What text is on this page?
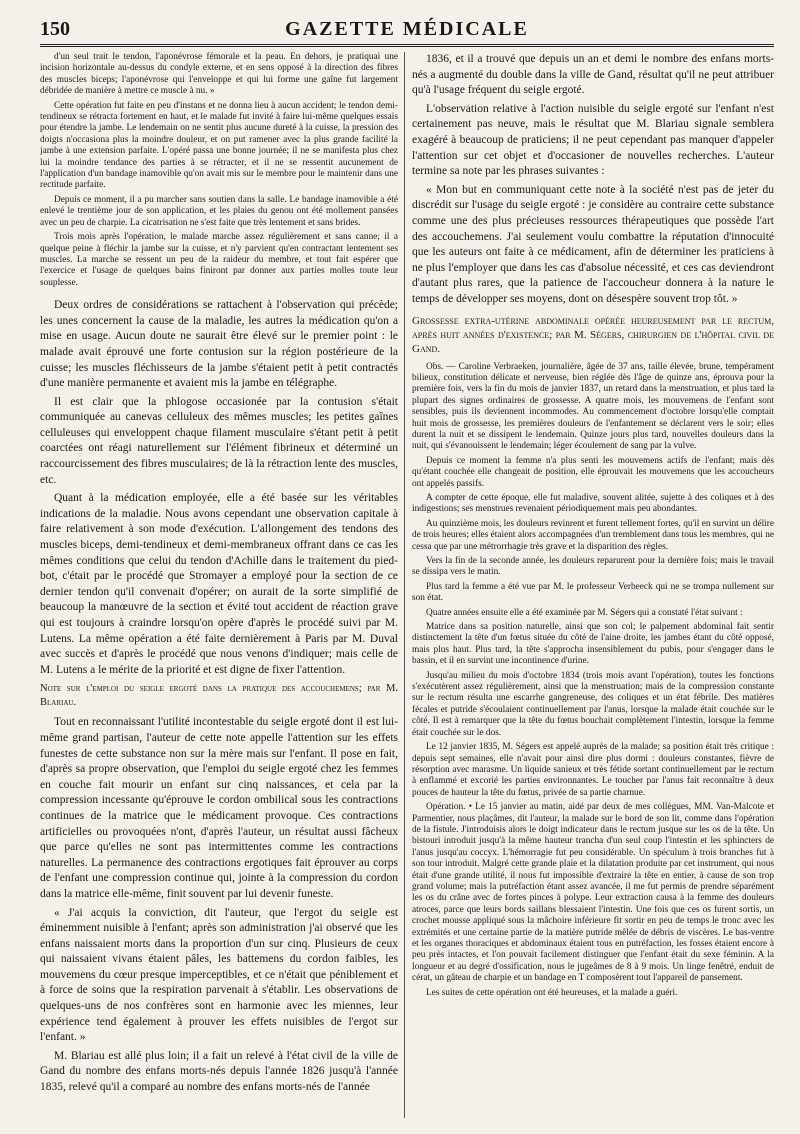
GAZETTE MÉDICALE
150

d'un seul trait le tendon, l'aponévrose fémorale et la peau. En dehors, je pratiquai une incision horizontale au-dessus du condyle externe, et en sens opposé à la direction des fibres des muscles biceps; l'aponévrose qui l'enveloppe et qui lui forme une gaîne fut largement débridée de manière à mettre ce muscle à nu. »

Cette opération fut faite en peu d'instans et ne donna lieu à aucun accident; le tendon demi-tendineux se rétracta fortement en haut, et le malade fut invité à faire lui-même quelques essais pour étendre la jambe. Le lendemain on ne sentit plus aucune dureté à la cuisse, la pression des doigts n'occasiona plus la moindre douleur, et on put ramener avec la plus grande facilité la jambe à une extension parfaite. L'opéré passa une bonne journée; il ne se manifesta plus chez lui la moindre tendance des parties à se rétracter, et il ne se ressentit aucunement de l'application d'un bandage inamovible qu'on avait mis sur le membre pour le maintenir dans une rectitude parfaite.

Depuis ce moment, il a pu marcher sans soutien dans la salle. Le bandage inamovible a été enlevé le trentième jour de son application, et les plaies du genou ont été mollement pansées avec un peu de charpie. La cicatrisation ne s'est faite que très lentement et sans brides.

Trois mois après l'opération, le malade marche assez régulièrement et sans canne; il a quelque peine à fléchir la jambe sur la cuisse, et n'y parvient qu'en contractant lentement ses muscles. La marche se ressent un peu de la raideur du membre, et tout fait espérer que l'exercice et l'usage de quelques bains finiront par donner aux parties molles toute leur souplesse.

Deux ordres de considérations se rattachent à l'observation qui précède; les unes concernent la cause de la maladie, les autres la médication qu'on a mise en usage. Aucun doute ne saurait être élevé sur le premier point : le malade avait éprouvé une forte contusion sur la région postérieure de la cuisse; les muscles fléchisseurs de la jambe s'étaient petit à petit contractés d'une manière permanente et avaient mis la jambe en télégraphe.

Il est clair que la phlogose occasionée par la contusion s'était communiquée au canevas celluleux des mêmes muscles; les petites gaînes celluleuses qui enveloppent chaque filament musculaire s'étant petit à petit coarctées ont réagi naturellement sur l'élément fibrineux et déterminé un raccourcissement des fibres musculaires; de là la rétraction lente des muscles, etc.

Quant à la médication employée, elle a été basée sur les véritables indications de la maladie. Nous avons cependant une observation capitale à faire relativement à son mode d'exécution. L'allongement des tendons des muscles biceps, demi-tendineux et demi-membraneux offrant dans ce cas les mêmes conditions que celui du tendon d'Achille dans le traitement du pied-bot, c'était par le procédé que Stromayer a employé pour la section de ce dernier tendon qu'il convenait d'opérer; on aurait de la sorte simplifié de beaucoup la manœuvre de la section et évité tout accident de réaction grave qui est toujours à craindre lorsqu'on opère d'après le procédé suivi par M. Lutens. La même opération a été faite dernièrement à Paris par M. Duval avec succès et d'après le procédé que nous venons d'indiquer; mais celle de M. Lutens a le mérite de la priorité et est digne de fixer l'attention.

Note sur l'emploi du seigle ergoté dans la pratique des accouchemens; par M. Blariau.

Tout en reconnaissant l'utilité incontestable du seigle ergoté dont il est lui-même grand partisan, l'auteur de cette note appelle l'attention sur les effets funestes de cette substance non sur la mère mais sur l'enfant. Il pose en fait, d'après sa propre observation, que l'emploi du seigle ergoté chez les femmes en couche fait mourir un enfant sur cinq naissances, et cela par la compression incessante qu'éprouve le cordon ombilical sous les contractions continues de la matrice que le médicament provoque. Ces contractions artificielles ou provoquées n'ont, d'après l'auteur, un résultat aussi fâcheux que parce qu'elles ne sont pas intermittentes comme les contractions naturelles. La permanence des contractions ergotiques fait éprouver au corps de l'enfant une compression continue qui, jointe à la compression du cordon dans la matrice elle-même, finit souvent par lui devenir funeste.

« J'ai acquis la conviction, dit l'auteur, que l'ergot du seigle est éminemment nuisible à l'enfant; après son administration j'ai observé que les enfans naissaient morts dans la proportion d'un sur cinq. Plusieurs de ceux qui naissaient vivans étaient pâles, les battemens du cordon faibles, les mouvemens du cœur presque imperceptibles, et ce n'était que péniblement et à force de soins que la respiration parvenait à s'établir. Les observations de quelques-uns de nos confrères sont en harmonie avec les miennes, leur expérience tend également à prouver les effets nuisibles de l'ergot sur l'enfant. »

M. Blariau est allé plus loin; il a fait un relevé à l'état civil de la ville de Gand du nombre des enfans morts-nés depuis l'année 1826 jusqu'à l'année 1835, relevé qu'il a comparé au nombre des enfans morts-nés de l'année

1836, et il a trouvé que depuis un an et demi le nombre des enfans morts-nés a augmenté du double dans la ville de Gand, résultat qu'il ne peut attribuer qu'à l'usage fréquent du seigle ergoté.

L'observation relative à l'action nuisible du seigle ergoté sur l'enfant n'est certainement pas neuve, mais le résultat que M. Blariau signale semblera exagéré à beaucoup de praticiens; il ne peut cependant pas manquer d'appeler l'attention sur cet objet et d'occasioner de nouvelles recherches. L'auteur termine sa note par les phrases suivantes :

« Mon but en communiquant cette note à la société n'est pas de jeter du discrédit sur l'usage du seigle ergoté : je considère au contraire cette substance comme une des plus précieuses ressources thérapeutiques que possède l'art des accouchemens. J'ai seulement voulu combattre la réputation d'innocuité que les auteurs ont faite à ce médicament, afin de déterminer les praticiens à ne plus l'employer que dans les cas d'absolue nécessité, et ces cas deviendront d'autant plus rares, que la patience de l'accoucheur donnera à la nature le temps de développer ses moyens, dont on désespère souvent trop tôt. »

Grossesse extra-utérine abdominale opérée heureusement par le rectum, après huit années d'existence; par M. Ségers, chirurgien de l'hôpital civil de Gand.

Obs. — Caroline Verbraeken, journalière, âgée de 37 ans, taille élevée, brune, tempérament bilieux, constitution délicate et nerveuse, bien réglée dès l'âge de quinze ans, éprouva pour la première fois, vers la fin du mois de janvier 1837, un retard dans la menstruation, et plus tard la plupart des signes ordinaires de grossesse. A quatre mois, les mouvemens de l'enfant sont sensibles, puis ils deviennent incommodes. Au commencement d'octobre lorsqu'elle comptait huit mois de grossesse, les premières douleurs de l'enfantement se déclarent vers le soir; elles durent la nuit et se dissipent le lendemain. Quinze jours plus tard, nouvelles douleurs dans la nuit, qui s'évanouissent le lendemain; léger écoulement de sang par la vulve.

Depuis ce moment la femme n'a plus senti les mouvemens actifs de l'enfant; mais dès qu'étant couchée elle changeait de position, elle éprouvait les mouvemens que les accoucheurs ont appelés passifs.

A compter de cette époque, elle fut maladive, souvent alitée, sujette à des coliques et à des indigestions; ses menstrues revenaient périodiquement mais peu abondantes.

Au quinzième mois, les douleurs revinrent et furent tellement fortes, qu'il en survint un délire de trois heures; elles étaient alors accompagnées d'un tremblement dans tous les membres, qui ne cessa que par une métrorrhagie très grave et la disparition des règles.

Vers la fin de la seconde année, les douleurs reparurent pour la dernière fois; mais le travail se dissipa vers le matin.

Plus tard la femme a été vue par M. le professeur Verbeeck qui ne se trompa nullement sur son état.

Quatre années ensuite elle a été examinée par M. Ségers qui a constaté l'état suivant :

Matrice dans sa position naturelle, ainsi que son col; le palpement abdominal fait sentir distinctement la tête d'un fœtus située du côté de l'aine droite, les jambes étant du côté opposé, mais plus haut. Plus tard, la tête s'approcha insensiblement du pubis, pour s'engager dans le bassin, et il en survint une incontinence d'urine.

Jusqu'au milieu du mois d'octobre 1834 (trois mois avant l'opération), toutes les fonctions s'exécutèrent assez régulièrement, ainsi que la menstruation; mais de la compression constante sur le rectum résulta une escarrhe gangreneuse, des coliques et un état fébrile. Des matières fécales et putride s'écoulaient continuellement par l'anus, lorsque la malade était couchée sur le côté. Il est à remarquer que la tête du fœtus bouchait complètement l'intestin, lorsque la femme était couchée sur le dos.

Le 12 janvier 1835, M. Ségers est appelé auprès de la malade; sa position était très critique : depuis sept semaines, elle n'avait pour ainsi dire plus dormi : douleurs constantes, fièvre de résorption avec marasme. Un liquide sanieux et très fétide sortant continuellement par le rectum à enflammé et excorié les parties environnantes. Le toucher par l'anus fait reconnaître à deux pouces de hauteur la tête du fœtus, privée de sa partie charnue.

Opération. • Le 15 janvier au matin, aidé par deux de mes collègues, MM. Van-Malcote et Parmentier, nous plaçâmes, dit l'auteur, la malade sur le bord de son lit, comme dans l'opération de la fistule. J'introduisis alors le doigt indicateur dans le rectum jusque sur les os de la tête. Un bistouri introduit jusqu'à la même hauteur trancha d'un seul coup l'intestin et les sphincters de l'anus jusqu'au coccyx. L'hémorragie fut peu considérable. Un spéculum à trois branches fut à son tour introduit. Malgré cette grande plaie et la dilatation produite par cet instrument, qui nous était d'une grande utilité, il nous fut impossible d'extraire la tête en entier, à cause de son trop grand volume; mais la putréfaction étant assez avancée, il me fut permis de prendre séparément les os du crâne avec de fortes pinces à polype. Leur extraction causa à la femme des douleurs atroces, parce que leurs bords saillans blessaient l'intestin. Une fois que ces os furent sortis, un crochet mousse appliqué sous la mâchoire inférieure fit sortir en peu de temps le tronc avec les extrémités et une certaine partie de la matière putride mêlée de débris de viscères. Le bas-ventre et les organes thoraciques et abdominaux étaient tous en putréfaction, les fosses étaient encore à peu près intactes, et l'on pouvait facilement distinguer que l'enfant était du sexe féminin. A la longueur et au degré d'ossification, nous le jugeâmes de 8 à 9 mois. Un linge fenêtré, enduit de cérat, un gâteau de charpie et un bandage en T composèrent tout l'appareil de pansement.

Les suites de cette opération ont été heureuses, et la malade a guéri.
